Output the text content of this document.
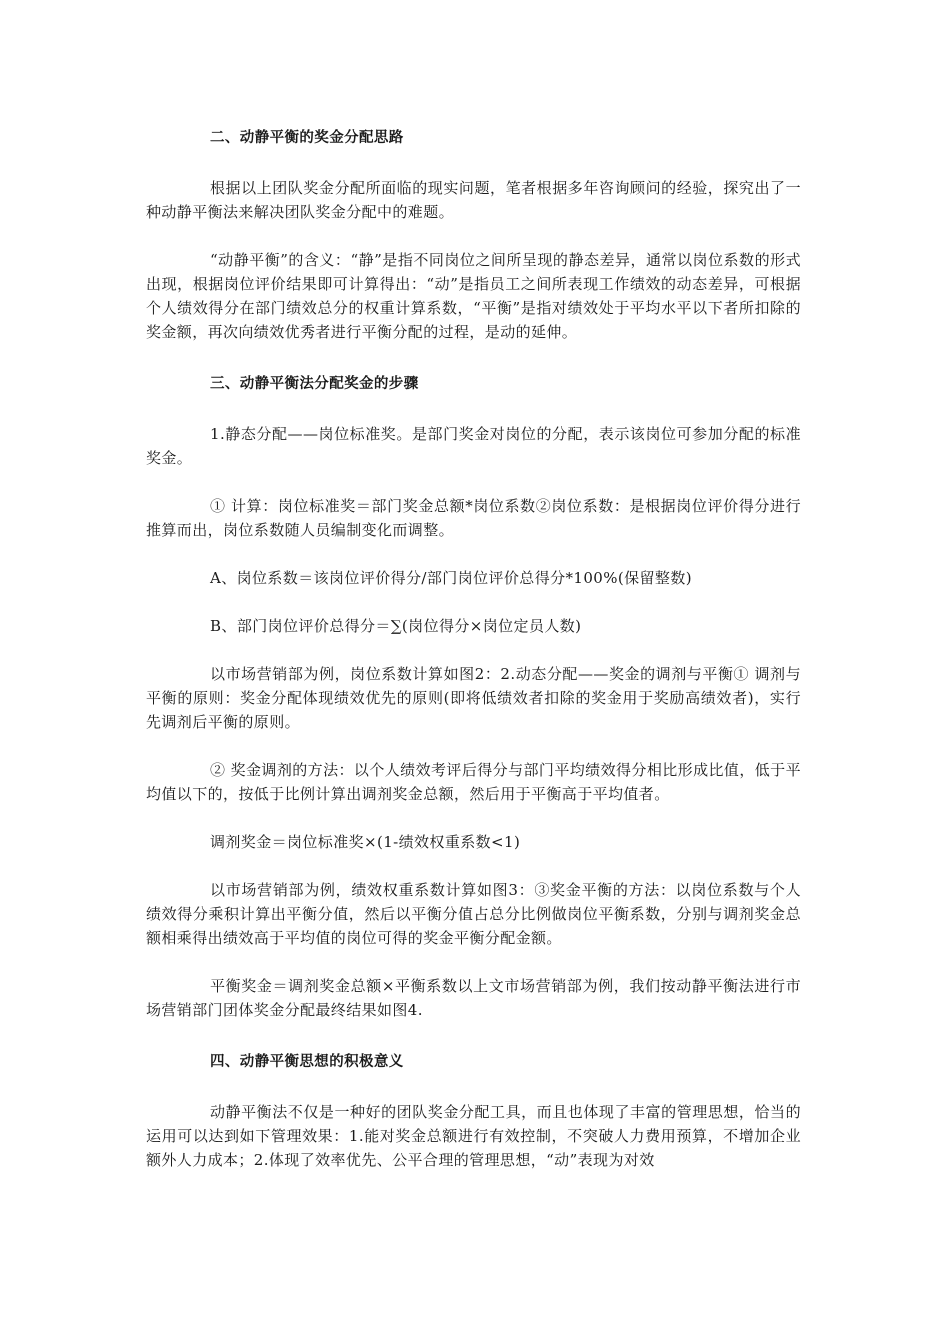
二、动静平衡的奖金分配思路

根据以上团队奖金分配所面临的现实问题，笔者根据多年咨询顾问的经验，探究出了一种动静平衡法来解决团队奖金分配中的难题。

“动静平衡”的含义：“静”是指不同岗位之间所呈现的静态差异，通常以岗位系数的形式出现，根据岗位评价结果即可计算得出：“动”是指员工之间所表现工作绩效的动态差异，可根据个人绩效得分在部门绩效总分的权重计算系数，“平衡”是指对绩效处于平均水平以下者所扣除的奖金额，再次向绩效优秀者进行平衡分配的过程，是动的延伸。

三、动静平衡法分配奖金的步骤

1.静态分配——岗位标准奖。是部门奖金对岗位的分配，表示该岗位可参加分配的标准奖金。

① 计算：岗位标准奖＝部门奖金总额*岗位系数②岗位系数：是根据岗位评价得分进行推算而出，岗位系数随人员编制变化而调整。

A、岗位系数＝该岗位评价得分/部门岗位评价总得分*100%(保留整数)

B、部门岗位评价总得分＝∑(岗位得分×岗位定员人数)

以市场营销部为例，岗位系数计算如图2：2.动态分配——奖金的调剂与平衡① 调剂与平衡的原则：奖金分配体现绩效优先的原则(即将低绩效者扣除的奖金用于奖励高绩效者)，实行先调剂后平衡的原则。

② 奖金调剂的方法：以个人绩效考评后得分与部门平均绩效得分相比形成比值，低于平均值以下的，按低于比例计算出调剂奖金总额，然后用于平衡高于平均值者。

调剂奖金＝岗位标准奖×(1-绩效权重系数<1)

以市场营销部为例，绩效权重系数计算如图3：③奖金平衡的方法：以岗位系数与个人绩效得分乘积计算出平衡分值，然后以平衡分值占总分比例做岗位平衡系数，分别与调剂奖金总额相乘得出绩效高于平均值的岗位可得的奖金平衡分配金额。

平衡奖金＝调剂奖金总额×平衡系数以上文市场营销部为例，我们按动静平衡法进行市场营销部门团体奖金分配最终结果如图4.

四、动静平衡思想的积极意义

动静平衡法不仅是一种好的团队奖金分配工具，而且也体现了丰富的管理思想，恰当的运用可以达到如下管理效果：1.能对奖金总额进行有效控制，不突破人力费用预算，不增加企业额外人力成本；2.体现了效率优先、公平合理的管理思想，“动”表现为对效
